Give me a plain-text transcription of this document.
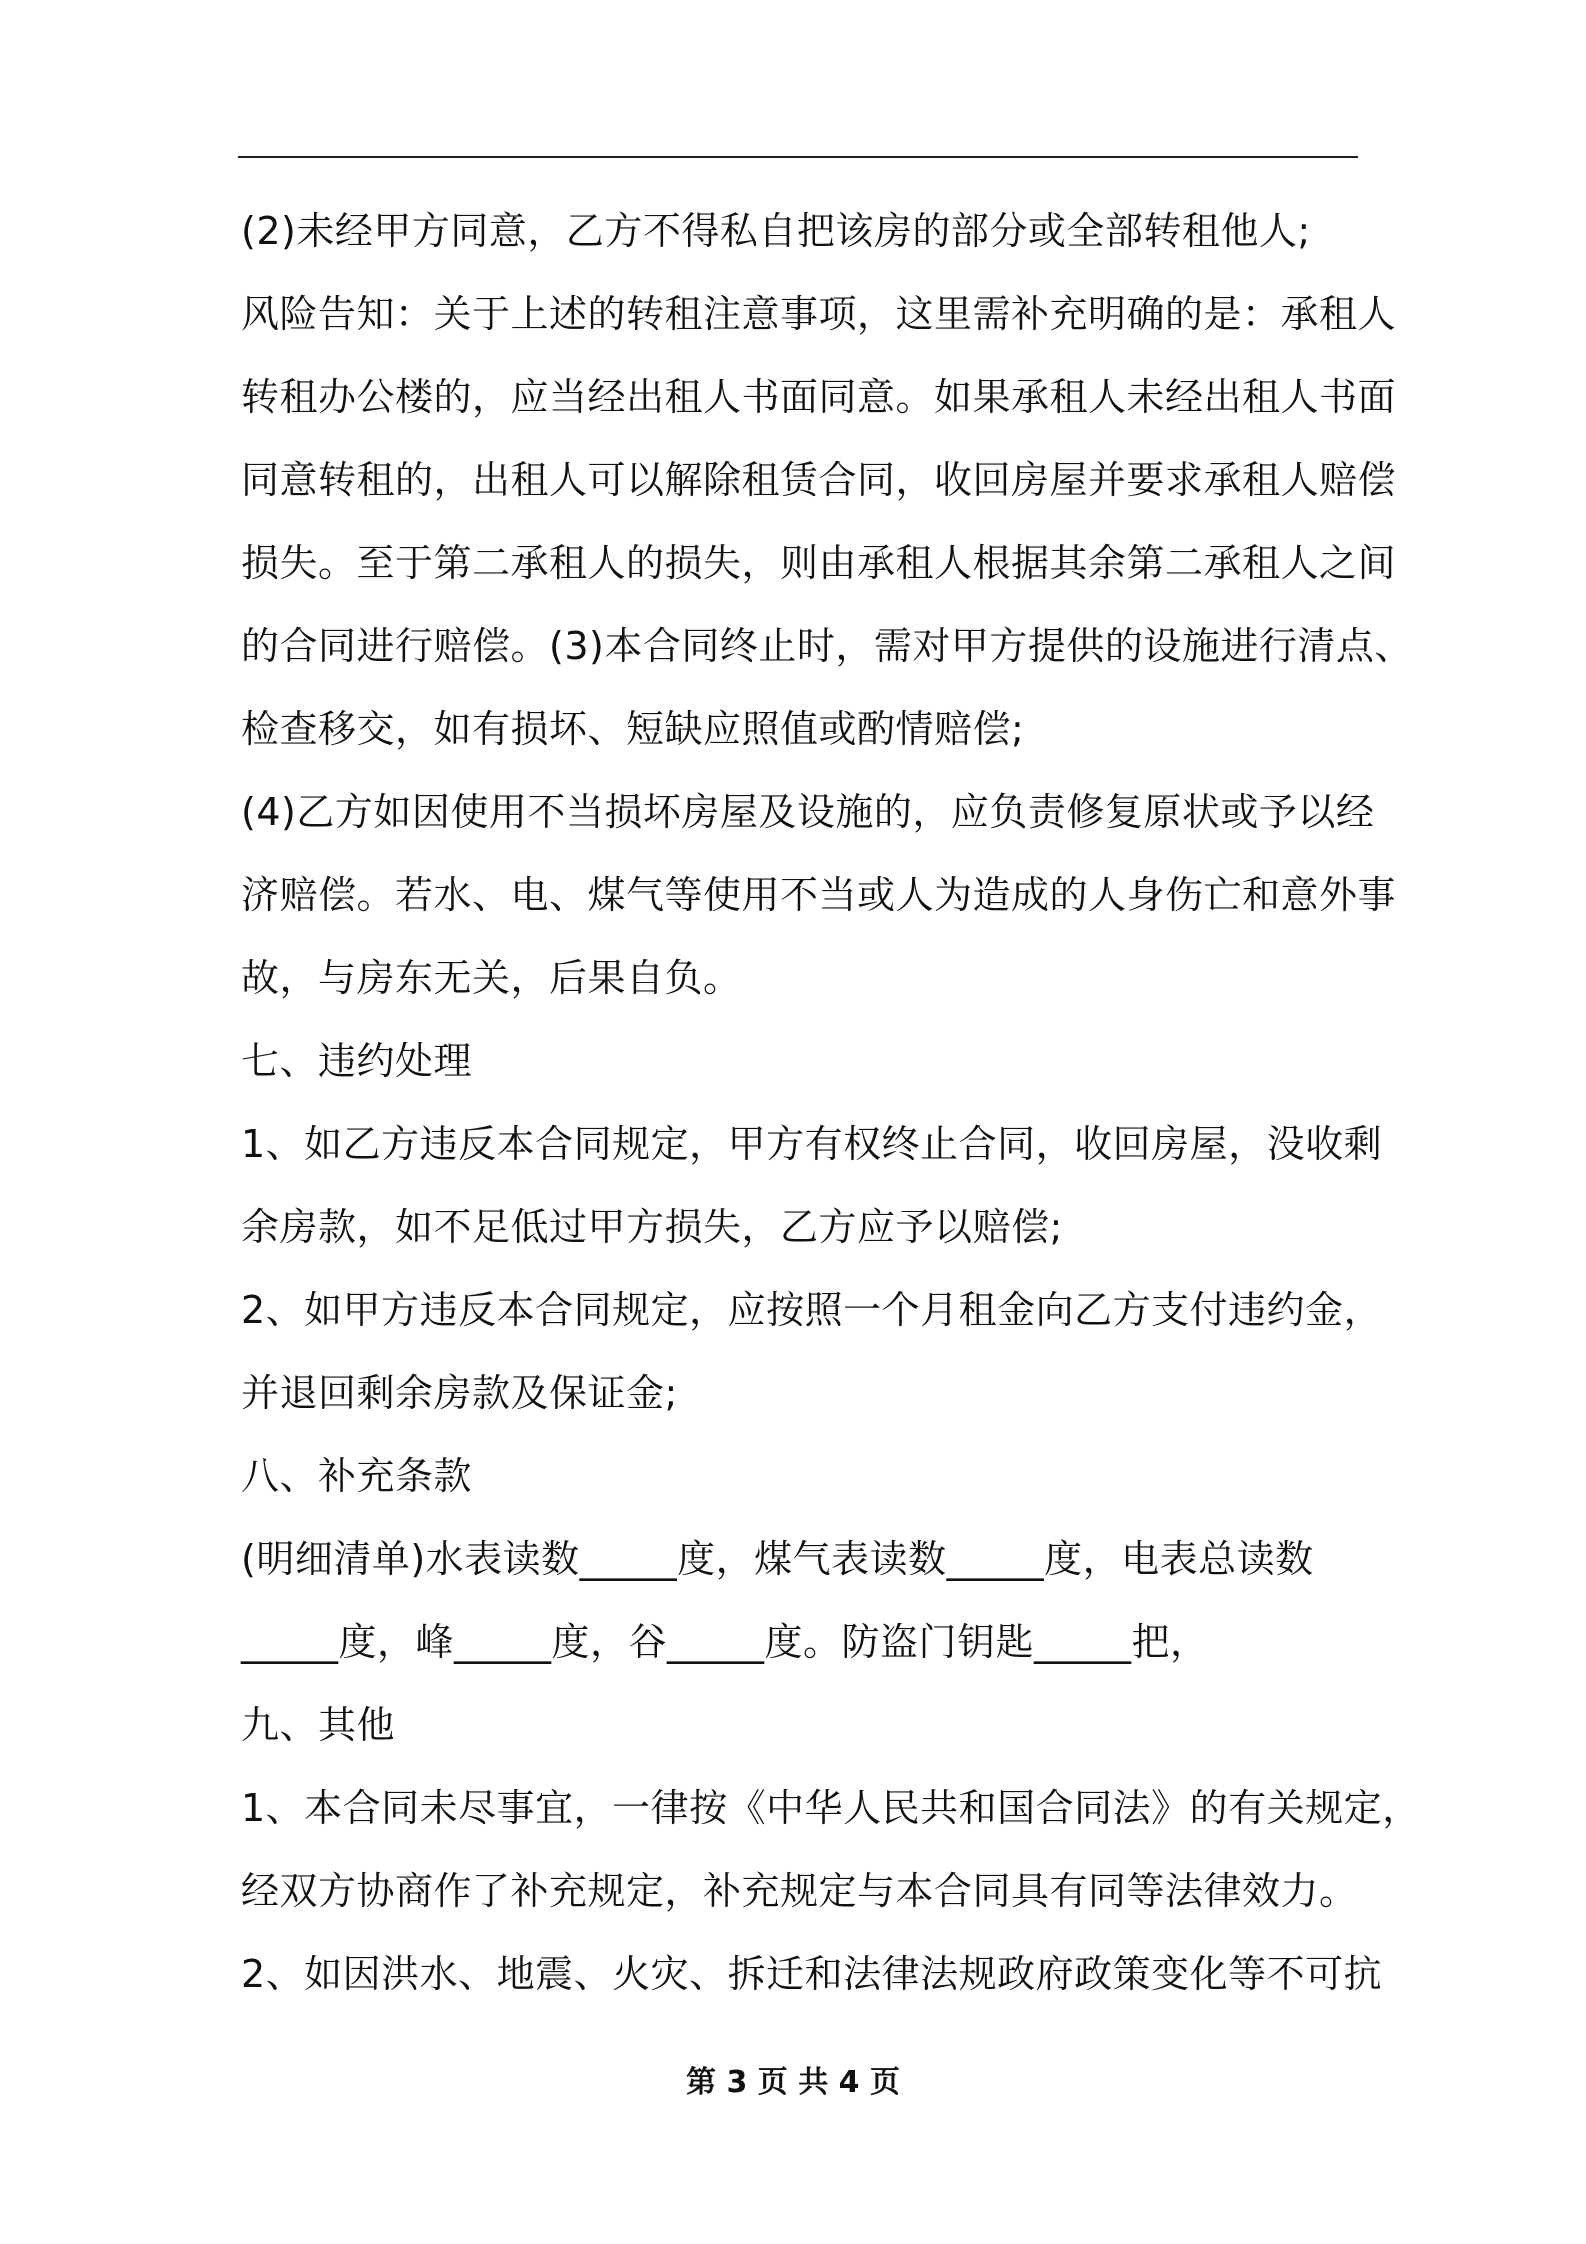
(2)未经甲方同意，乙方不得私自把该房的部分或全部转租他人;
风险告知：关于上述的转租注意事项，这里需补充明确的是：承租人
转租办公楼的，应当经出租人书面同意。如果承租人未经出租人书面
同意转租的，出租人可以解除租赁合同，收回房屋并要求承租人赔偿
损失。至于第二承租人的损失，则由承租人根据其余第二承租人之间
的合同进行赔偿。(3)本合同终止时，需对甲方提供的设施进行清点、
检查移交，如有损坏、短缺应照值或酌情赔偿;
(4)乙方如因使用不当损坏房屋及设施的，应负责修复原状或予以经
济赔偿。若水、电、煤气等使用不当或人为造成的人身伤亡和意外事
故，与房东无关，后果自负。
七、违约处理
1、如乙方违反本合同规定，甲方有权终止合同，收回房屋，没收剩
余房款，如不足低过甲方损失，乙方应予以赔偿;
2、如甲方违反本合同规定，应按照一个月租金向乙方支付违约金，
并退回剩余房款及保证金;
八、补充条款
(明细清单)水表读数_____度，煤气表读数_____度，电表总读数
_____度，峰_____度，谷_____度。防盗门钥匙_____把，
九、其他
1、本合同未尽事宜，一律按《中华人民共和国合同法》的有关规定，
经双方协商作了补充规定，补充规定与本合同具有同等法律效力。
2、如因洪水、地震、火灾、拆迁和法律法规政府政策变化等不可抗
第 3 页 共 4 页
